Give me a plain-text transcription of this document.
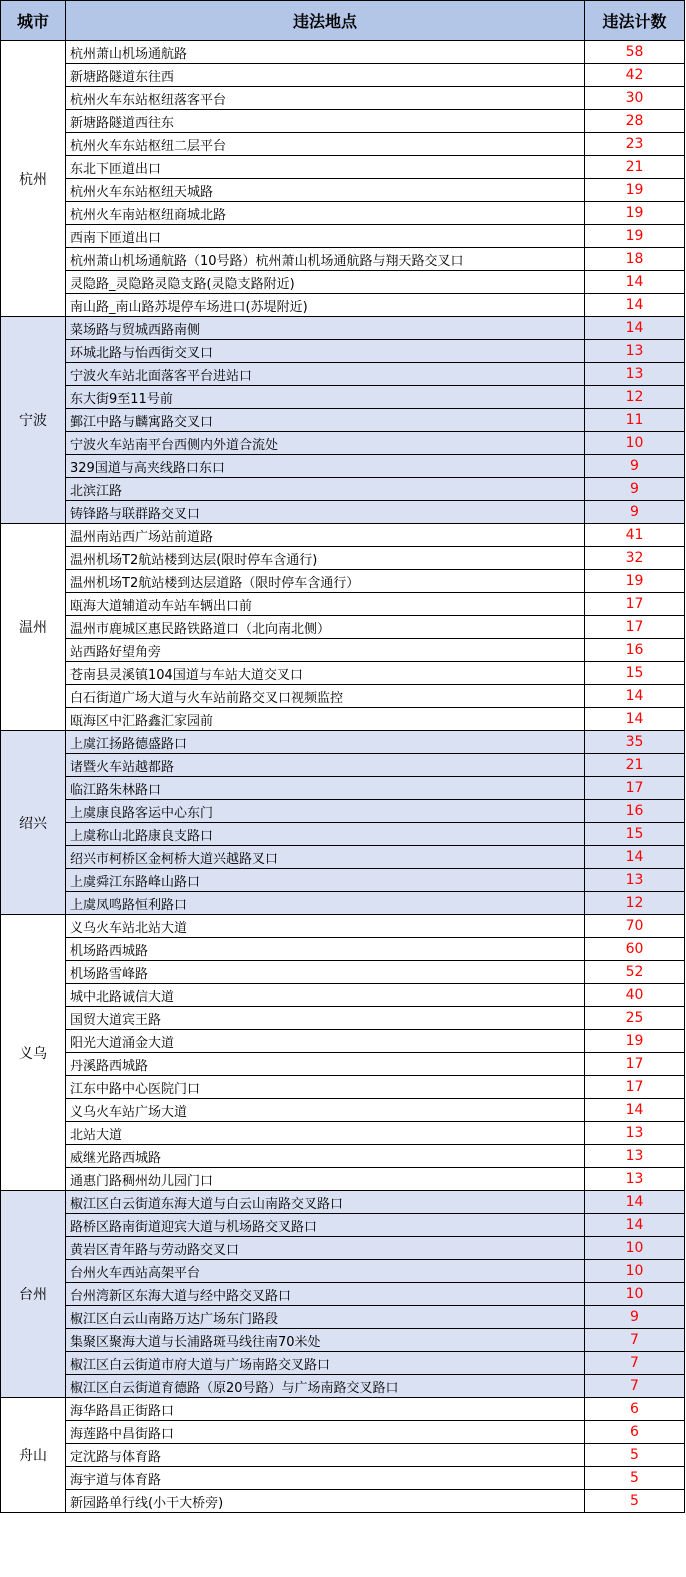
城市	违法地点	违法计数
杭州	杭州萧山机场通航路	58
	新塘路隧道东往西	42
	杭州火车东站枢纽落客平台	30
	新塘路隧道西往东	28
	杭州火车东站枢纽二层平台	23
	东北下匝道出口	21
	杭州火车东站枢纽天城路	19
	杭州火车南站枢纽商城北路	19
	西南下匝道出口	19
	杭州萧山机场通航路（10号路）杭州萧山机场通航路与翔天路交叉口	18
	灵隐路_灵隐路灵隐支路(灵隐支路附近)	14
	南山路_南山路苏堤停车场进口(苏堤附近)	14
宁波	菜场路与贸城西路南侧	14
	环城北路与怡西街交叉口	13
	宁波火车站北面落客平台进站口	13
	东大街9至11号前	12
	鄞江中路与麟寓路交叉口	11
	宁波火车站南平台西侧内外道合流处	10
	329国道与高夹线路口东口	9
	北滨江路	9
	铸锋路与联群路交叉口	9
温州	温州南站西广场站前道路	41
	温州机场T2航站楼到达层(限时停车含通行)	32
	温州机场T2航站楼到达层道路（限时停车含通行）	19
	瓯海大道辅道动车站车辆出口前	17
	温州市鹿城区惠民路铁路道口（北向南北侧）	17
	站西路好望角旁	16
	苍南县灵溪镇104国道与车站大道交叉口	15
	白石街道广场大道与火车站前路交叉口视频监控	14
	瓯海区中汇路鑫汇家园前	14
绍兴	上虞江扬路德盛路口	35
	诸暨火车站越都路	21
	临江路朱林路口	17
	上虞康良路客运中心东门	16
	上虞称山北路康良支路口	15
	绍兴市柯桥区金柯桥大道兴越路叉口	14
	上虞舜江东路峰山路口	13
	上虞凤鸣路恒利路口	12
义乌	义乌火车站北站大道	70
	机场路西城路	60
	机场路雪峰路	52
	城中北路诚信大道	40
	国贸大道宾王路	25
	阳光大道涌金大道	19
	丹溪路西城路	17
	江东中路中心医院门口	17
	义乌火车站广场大道	14
	北站大道	13
	威继光路西城路	13
	通惠门路稠州幼儿园门口	13
台州	椒江区白云街道东海大道与白云山南路交叉路口	14
	路桥区路南街道迎宾大道与机场路交叉路口	14
	黄岩区青年路与劳动路交叉口	10
	台州火车西站高架平台	10
	台州湾新区东海大道与经中路交叉路口	10
	椒江区白云山南路万达广场东门路段	9
	集聚区聚海大道与长浦路斑马线往南70米处	7
	椒江区白云街道市府大道与广场南路交叉路口	7
	椒江区白云街道育德路（原20号路）与广场南路交叉路口	7
舟山	海华路昌正街路口	6
	海莲路中昌街路口	6
	定沈路与体育路	5
	海宇道与体育路	5
	新园路单行线(小干大桥旁)	5
